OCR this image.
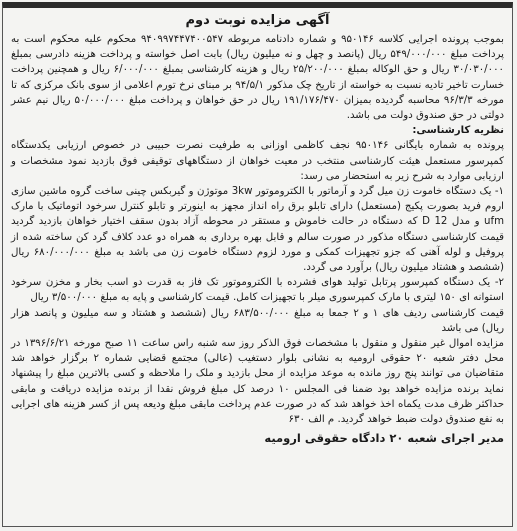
آگهی مزایده نوبت دوم

بموجب پرونده اجرایی کلاسه ۹۵۰۱۴۶ و شماره دادنامه مربوطه ۹۴۰۹۹۷۴۴۷۴۰۰۵۴۷ محکوم علیه محکوم است به پرداخت مبلغ ۵۴۹/۰۰۰/۰۰۰ ریال (پانصد و چهل و نه میلیون ریال) بابت اصل خواسته و پرداخت هزینه دادرسی بمبلغ ۳۰/۰۳۰/۰۰۰ ریال و حق الوکاله بمبلغ ۲۵/۲۰۰/۰۰۰ ریال و هزینه کارشناسی بمبلغ ۶/۰۰۰/۰۰۰ ریال و همچنین پرداخت خسارت تاخیر تادیه نسبت به خواسته از تاریخ چک مذکور ۹۴/۵/۱ بر مبنای نرخ تورم اعلامی از سوی بانک مرکزی که تا مورخه ۹۶/۳/۳ محاسبه گردیده بمیزان ۱۹۱/۱۷۶/۴۷۰ ریال در حق خواهان و پرداخت مبلغ ۵۰/۰۰۰/۰۰۰ ریال نیم عشر دولتی در حق صندوق دولت می باشد.

نظریه کارشناسی:

پرونده به شماره بایگانی ۹۵۰۱۴۶ نجف کاظمی اوزانی به طرفیت نصرت حبیبی در خصوص ارزیابی یکدستگاه کمپرسور مستعمل هیئت کارشناسی منتخب در معیت خواهان از دستگاههای توقیفی فوق بازدید نمود مشخصات و ارزیابی موارد به شرح زیر به استحضار می رسد:

۱- یک دستگاه خاموت زن میل گرد و آرماتور با الکتروموتور 3kw موتوژن و گیربکس چینی ساخت گروه ماشین سازی اروم فرید بصورت پکیج (مستعمل) دارای تابلو برق راه انداز مجهز به اینورتر و تابلو کنترل سرخود اتوماتیک با مارک ufm و مدل 12 D که دستگاه در حالت خاموش و مستقر در محوطه آزاد بدون سقف اختیار خواهان بازدید گردید قیمت کارشناسی دستگاه مذکور در صورت سالم و قابل بهره برداری به همراه دو عدد کلاف گرد کن ساخته شده از پروفیل و لوله آهنی که جزو تجهیزات کمکی و مورد لزوم دستگاه خاموت زن می باشد به مبلغ ۶۸۰/۰۰۰/۰۰۰ ریال (ششصد و هشتاد میلیون ریال) برآورد می گردد.

۲- یک دستگاه کمپرسور پرتابل تولید هوای فشرده با الکتروموتور تک فاز به قدرت دو اسب بخار و مخزن سرخود استوانه ای ۱۵۰ لیتری با مارک کمپرسوری میلر با تجهیزات کامل. قیمت کارشناسی و پایه به مبلغ ۳/۵۰۰/۰۰۰ ریال

قیمت کارشناسی ردیف های ۱ و ۲ جمعا به مبلغ ۶۸۳/۵۰۰/۰۰۰ ریال (ششصد و هشتاد و سه میلیون و پانصد هزار ریال) می باشد

مزایده اموال غیر منقول و منقول با مشخصات فوق الذکر روز سه شنبه راس ساعت ۱۱ صبح مورخه ۱۳۹۶/۶/۲۱ در محل دفتر شعبه ۲۰ حقوقی ارومیه به نشانی بلوار دستغیب (عالی) مجتمع قضایی شماره ۲ برگزار خواهد شد متقاضیان می توانند پنج روز مانده به موعد مزایده از محل بازدید و ملک را ملاحظه و کسی بالاترین مبلغ را پیشنهاد نماید برنده مزایده خواهد بود ضمنا فی المجلس ۱۰ درصد کل مبلغ فروش نقدا از برنده مزایده دریافت و مابقی حداکثر ظرف مدت یکماه اخذ خواهد شد که در صورت عدم پرداخت مابقی مبلغ ودیعه پس از کسر هزینه های اجرایی به نفع صندوق دولت ضبط خواهد گردید. م الف ۶۳۰

مدیر اجرای شعبه ۲۰ دادگاه حقوقی ارومیه
